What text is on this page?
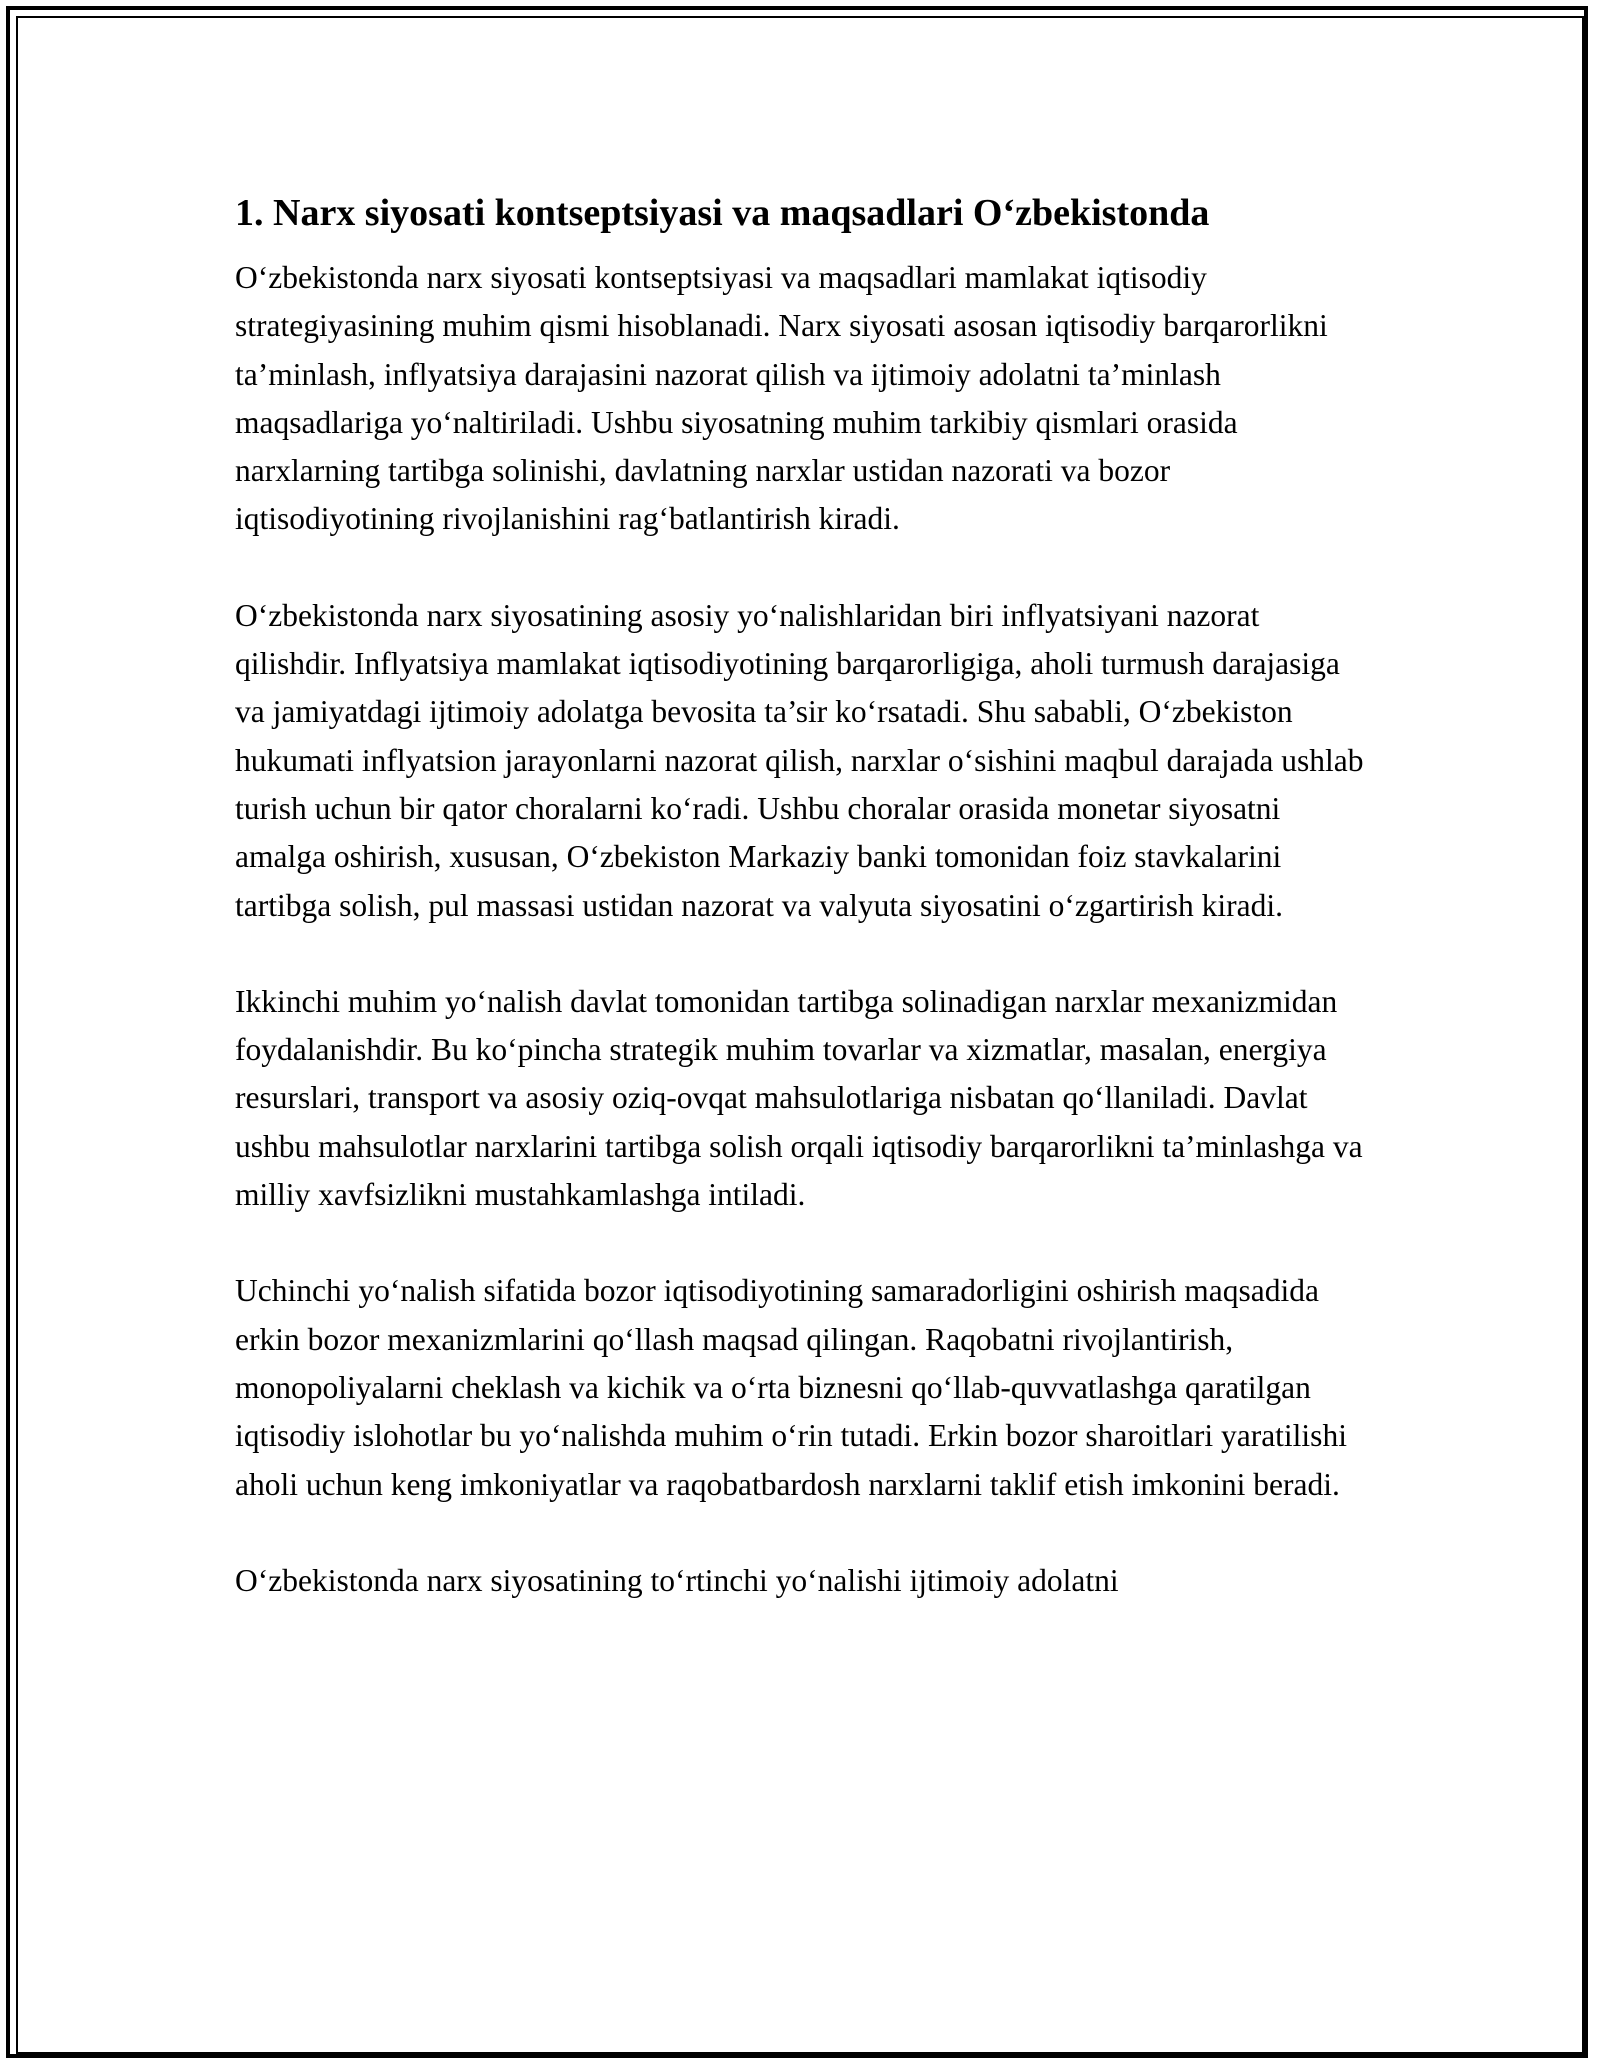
1. Narx siyosati kontseptsiyasi va maqsadlari O‘zbekistonda

O‘zbekistonda narx siyosati kontseptsiyasi va maqsadlari mamlakat iqtisodiy strategiyasining muhim qismi hisoblanadi. Narx siyosati asosan iqtisodiy barqarorlikni ta’minlash, inflyatsiya darajasini nazorat qilish va ijtimoiy adolatni ta’minlash maqsadlariga yo‘naltiriladi. Ushbu siyosatning muhim tarkibiy qismlari orasida narxlarning tartibga solinishi, davlatning narxlar ustidan nazorati va bozor iqtisodiyotining rivojlanishini rag‘batlantirish kiradi.

O‘zbekistonda narx siyosatining asosiy yo‘nalishlaridan biri inflyatsiyani nazorat qilishdir. Inflyatsiya mamlakat iqtisodiyotining barqarorligiga, aholi turmush darajasiga va jamiyatdagi ijtimoiy adolatga bevosita ta’sir ko‘rsatadi. Shu sababli, O‘zbekiston hukumati inflyatsion jarayonlarni nazorat qilish, narxlar o‘sishini maqbul darajada ushlab turish uchun bir qator choralarni ko‘radi. Ushbu choralar orasida monetar siyosatni amalga oshirish, xususan, O‘zbekiston Markaziy banki tomonidan foiz stavkalarini tartibga solish, pul massasi ustidan nazorat va valyuta siyosatini o‘zgartirish kiradi.

Ikkinchi muhim yo‘nalish davlat tomonidan tartibga solinadigan narxlar mexanizmidan foydalanishdir. Bu ko‘pincha strategik muhim tovarlar va xizmatlar, masalan, energiya resurslari, transport va asosiy oziq-ovqat mahsulotlariga nisbatan qo‘llaniladi. Davlat ushbu mahsulotlar narxlarini tartibga solish orqali iqtisodiy barqarorlikni ta’minlashga va milliy xavfsizlikni mustahkamlashga intiladi.

Uchinchi yo‘nalish sifatida bozor iqtisodiyotining samaradorligini oshirish maqsadida erkin bozor mexanizmlarini qo‘llash maqsad qilingan. Raqobatni rivojlantirish, monopoliyalarni cheklash va kichik va o‘rta biznesni qo‘llab-quvvatlashga qaratilgan iqtisodiy islohotlar bu yo‘nalishda muhim o‘rin tutadi. Erkin bozor sharoitlari yaratilishi aholi uchun keng imkoniyatlar va raqobatbardosh narxlarni taklif etish imkonini beradi.

O‘zbekistonda narx siyosatining to‘rtinchi yo‘nalishi ijtimoiy adolatni
